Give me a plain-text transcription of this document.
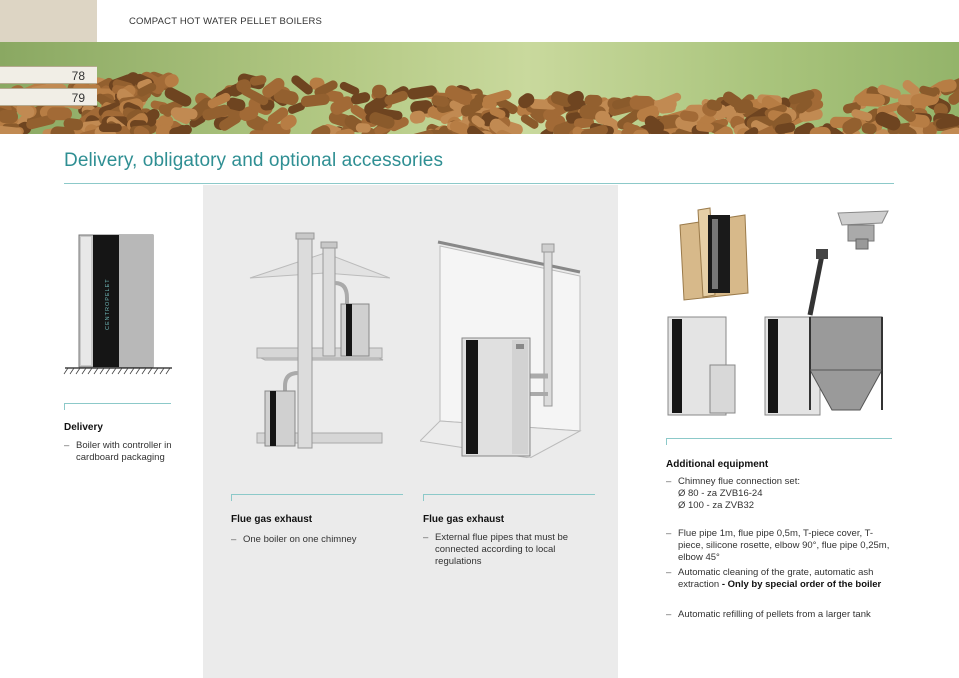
COMPACT HOT WATER PELLET BOILERS
78
79
Delivery, obligatory and optional accessories
CENTROPELET
Delivery
– Boiler with controller in cardboard packaging
Flue gas exhaust
– One boiler on one chimney
Flue gas exhaust
– External flue pipes that must be connected according to local regulations
Additional equipment
– Chimney flue connection set:
Ø 80 - za ZVB16-24
Ø 100 - za ZVB32
– Flue pipe 1m, flue pipe 0,5m, T-piece cover, T-piece, silicone rosette, elbow 90°, flue pipe 0,25m, elbow 45°
– Automatic cleaning of the grate, automatic ash extraction - Only by special order of the boiler
– Automatic refilling of pellets from a larger tank
